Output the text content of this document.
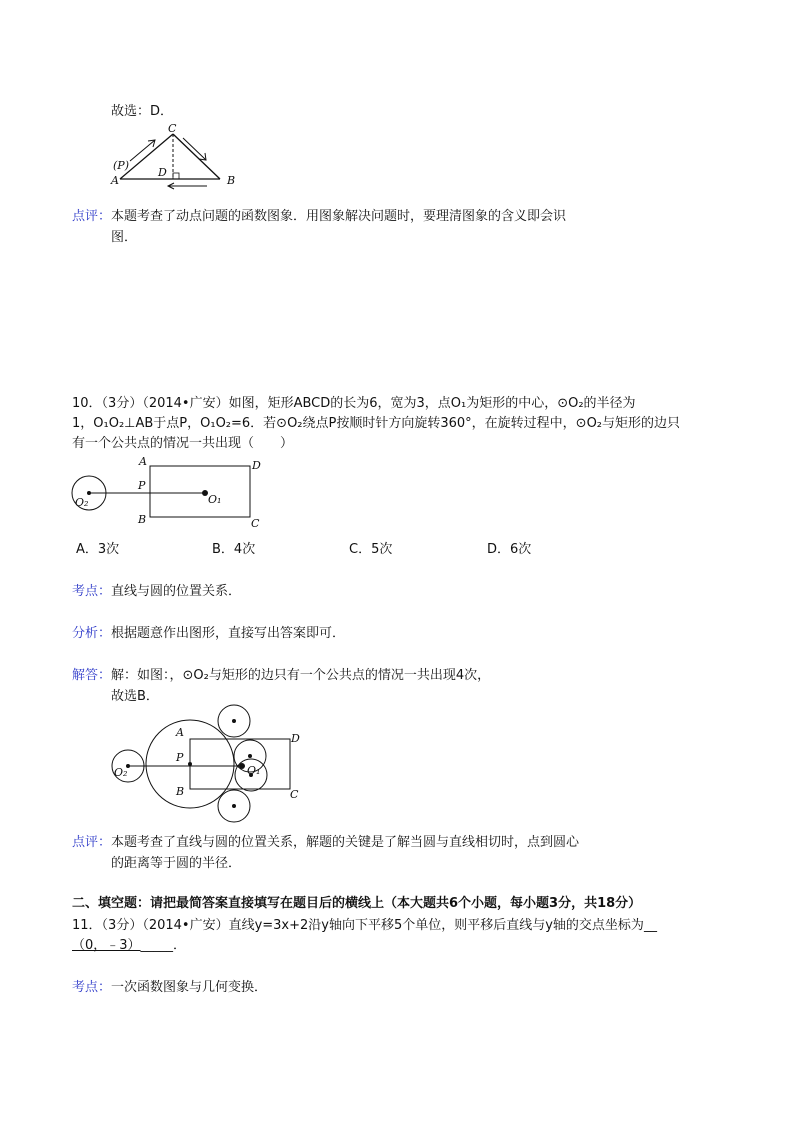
故选：D．
C
(P)
A
D
B
点评：本题考查了动点问题的函数图象．用图象解决问题时，要理清图象的含义即会识
图．
10．（3分）（2014•广安）如图，矩形ABCD的长为6，宽为3，点O₁为矩形的中心，⊙O₂的半径为
1，O₁O₂⊥AB于点P，O₁O₂=6．若⊙O₂绕点P按顺时针方向旋转360°，在旋转过程中，⊙O₂与矩形的边只
有一个公共点的情况一共出现（　　）
A	D
P
O₁
O₂
B	C
A．3次	B．4次	C．5次	D．6次
考点：直线与圆的位置关系．
分析：根据题意作出图形，直接写出答案即可．
解答：解：如图：，⊙O₂与矩形的边只有一个公共点的情况一共出现4次，
故选B．
A	D
P
O₁
O₂
B	C
点评：本题考查了直线与圆的位置关系，解题的关键是了解当圆与直线相切时，点到圆心
的距离等于圆的半径．
二、填空题：请把最简答案直接填写在题目后的横线上（本大题共6个小题，每小题3分，共18分）
11．（3分）（2014•广安）直线y=3x+2沿y轴向下平移5个单位，则平移后直线与y轴的交点坐标为__
（0，﹣3）_____．
考点：一次函数图象与几何变换．
